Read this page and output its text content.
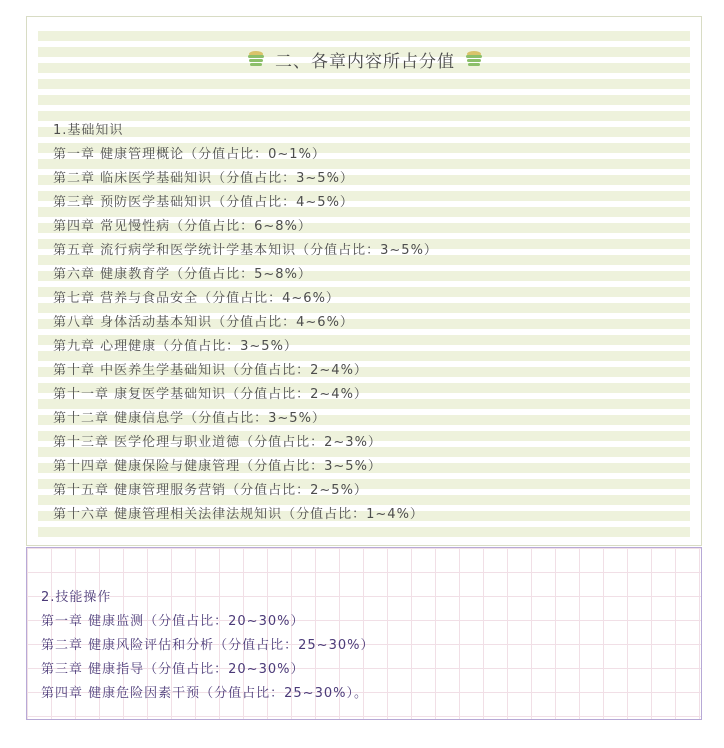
二、各章内容所占分值
1.基础知识
第一章 健康管理概论（分值占比：0~1%）
第二章 临床医学基础知识（分值占比：3~5%）
第三章 预防医学基础知识（分值占比：4~5%）
第四章 常见慢性病（分值占比：6~8%）
第五章 流行病学和医学统计学基本知识（分值占比：3~5%）
第六章 健康教育学（分值占比：5~8%）
第七章 营养与食品安全（分值占比：4~6%）
第八章 身体活动基本知识（分值占比：4~6%）
第九章 心理健康（分值占比：3~5%）
第十章 中医养生学基础知识（分值占比：2~4%）
第十一章 康复医学基础知识（分值占比：2~4%）
第十二章 健康信息学（分值占比：3~5%）
第十三章 医学伦理与职业道德（分值占比：2~3%）
第十四章 健康保险与健康管理（分值占比：3~5%）
第十五章 健康管理服务营销（分值占比：2~5%）
第十六章 健康管理相关法律法规知识（分值占比：1~4%）
2.技能操作
第一章 健康监测（分值占比：20~30%）
第二章 健康风险评估和分析（分值占比：25~30%）
第三章 健康指导（分值占比：20~30%）
第四章 健康危险因素干预（分值占比：25~30%）。
